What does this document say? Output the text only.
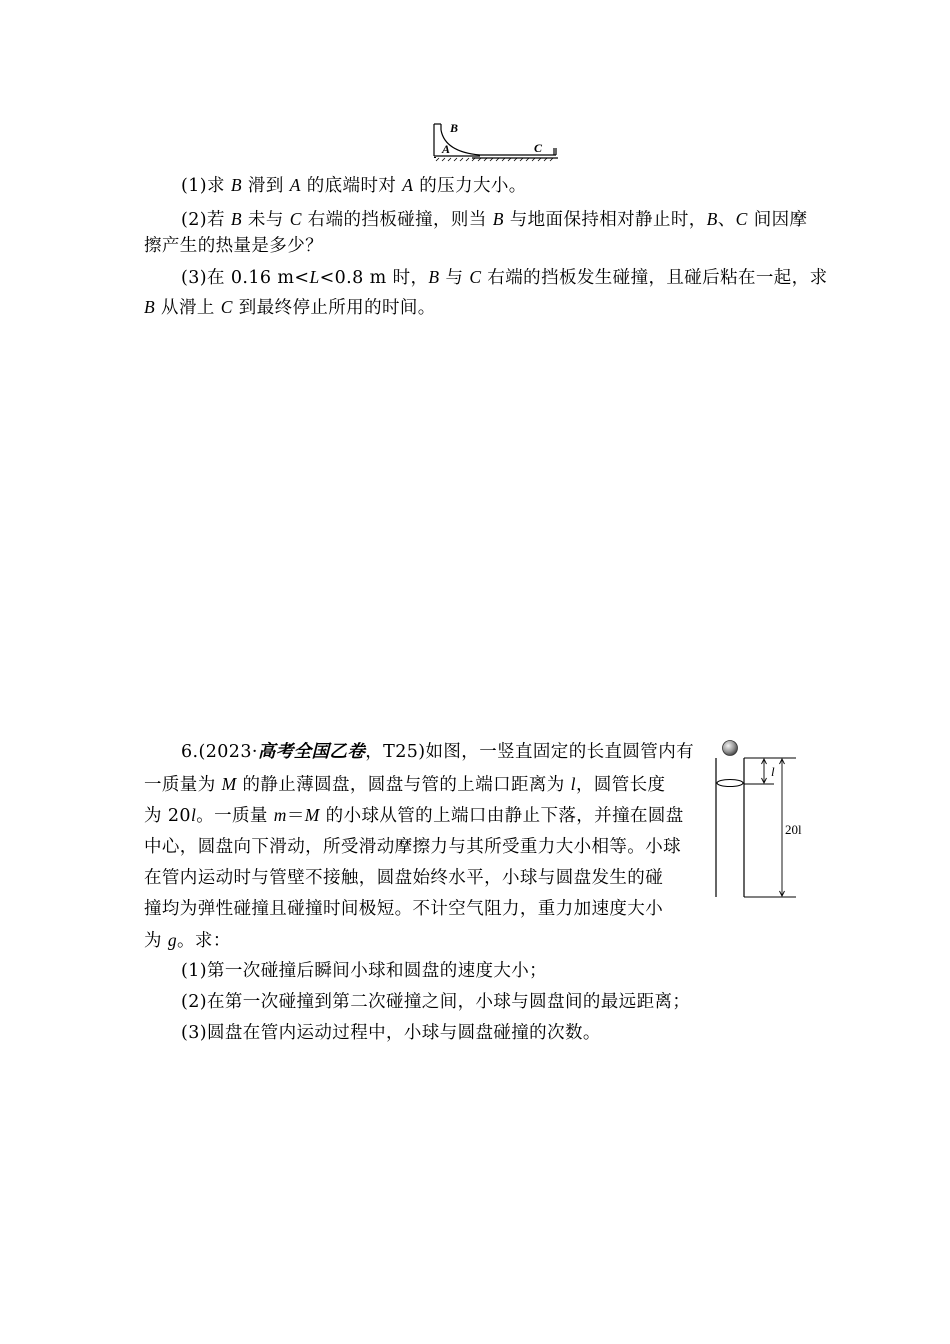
B
A	C
(1)求 B 滑到 A 的底端时对 A 的压力大小。
(2)若 B 未与 C 右端的挡板碰撞，则当 B 与地面保持相对静止时，B、C 间因摩
擦产生的热量是多少？
(3)在 0.16 m<L<0.8 m 时，B 与 C 右端的挡板发生碰撞，且碰后粘在一起，求
B 从滑上 C 到最终停止所用的时间。
6.(2023·高考全国乙卷，T25)如图，一竖直固定的长直圆管内有
一质量为 M 的静止薄圆盘，圆盘与管的上端口距离为 l，圆管长度
为 20l。一质量 m＝M 的小球从管的上端口由静止下落，并撞在圆盘
中心，圆盘向下滑动，所受滑动摩擦力与其所受重力大小相等。小球
在管内运动时与管壁不接触，圆盘始终水平，小球与圆盘发生的碰
撞均为弹性碰撞且碰撞时间极短。不计空气阻力，重力加速度大小
为 g。求：
(1)第一次碰撞后瞬间小球和圆盘的速度大小；
(2)在第一次碰撞到第二次碰撞之间，小球与圆盘间的最远距离；
(3)圆盘在管内运动过程中，小球与圆盘碰撞的次数。
l
20l
